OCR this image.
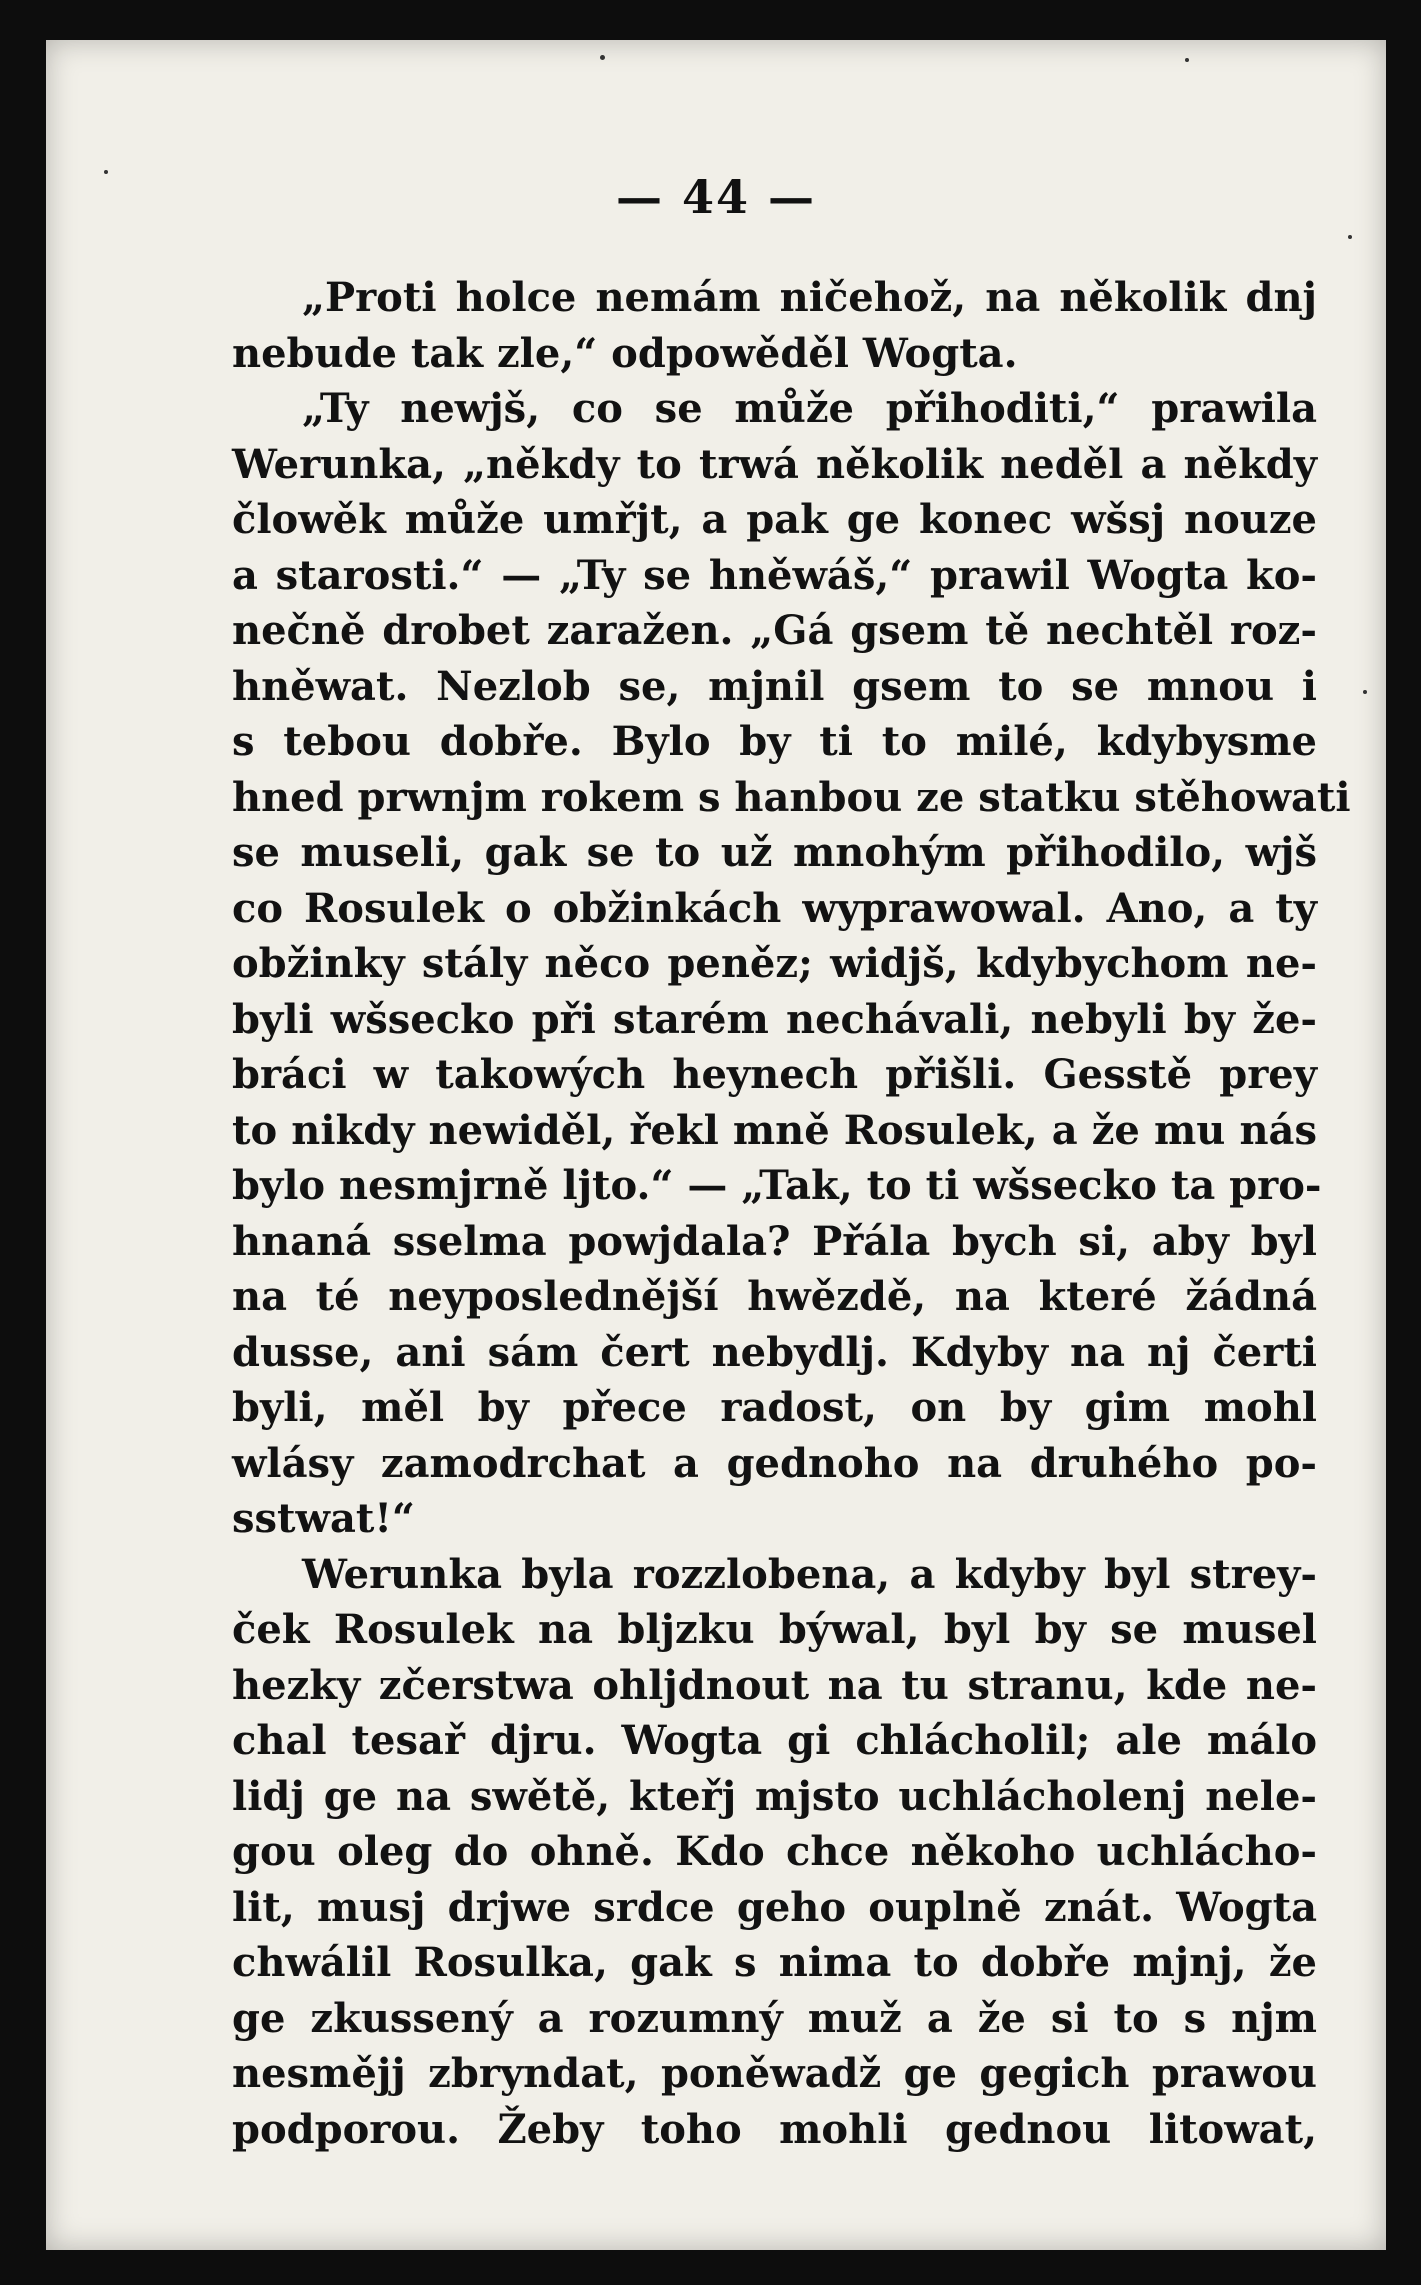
— 44 —
„Proti holce nemám ničehož, na několik dnj
nebude tak zle,“ odpowěděl Wogta.
„Ty newjš, co se může přihoditi,“ prawila
Werunka, „někdy to trwá několik neděl a někdy
člowěk může umřjt, a pak ge konec wšsj nouze
a starosti.“ — „Ty se hněwáš,“ prawil Wogta ko-
nečně drobet zaražen. „Gá gsem tě nechtěl roz-
hněwat. Nezlob se, mjnil gsem to se mnou i
s tebou dobře. Bylo by ti to milé, kdybysme
hned prwnjm rokem s hanbou ze statku stěhowati
se museli, gak se to už mnohým přihodilo, wjš
co Rosulek o obžinkách wyprawowal. Ano, a ty
obžinky stály něco peněz; widjš, kdybychom ne-
byli wšsecko při starém nechávali, nebyli by že-
bráci w takowých heynech přišli. Gesstě prey
to nikdy newiděl, řekl mně Rosulek, a že mu nás
bylo nesmjrně ljto.“ — „Tak, to ti wšsecko ta pro-
hnaná sselma powjdala? Přála bych si, aby byl
na té neyposlednější hwězdě, na které žádná
dusse, ani sám čert nebydlj. Kdyby na nj čerti
byli, měl by přece radost, on by gim mohl
wlásy zamodrchat a gednoho na druhého po-
sstwat!“
Werunka byla rozzlobena, a kdyby byl strey-
ček Rosulek na bljzku býwal, byl by se musel
hezky zčerstwa ohljdnout na tu stranu, kde ne-
chal tesař djru. Wogta gi chlácholil; ale málo
lidj ge na swětě, kteřj mjsto uchlácholenj nele-
gou oleg do ohně. Kdo chce někoho uchlácho-
lit, musj drjwe srdce geho ouplně znát. Wogta
chwálil Rosulka, gak s nima to dobře mjnj, že
ge zkussený a rozumný muž a že si to s njm
nesmějj zbryndat, poněwadž ge gegich prawou
podporou. Žeby toho mohli gednou litowat,
